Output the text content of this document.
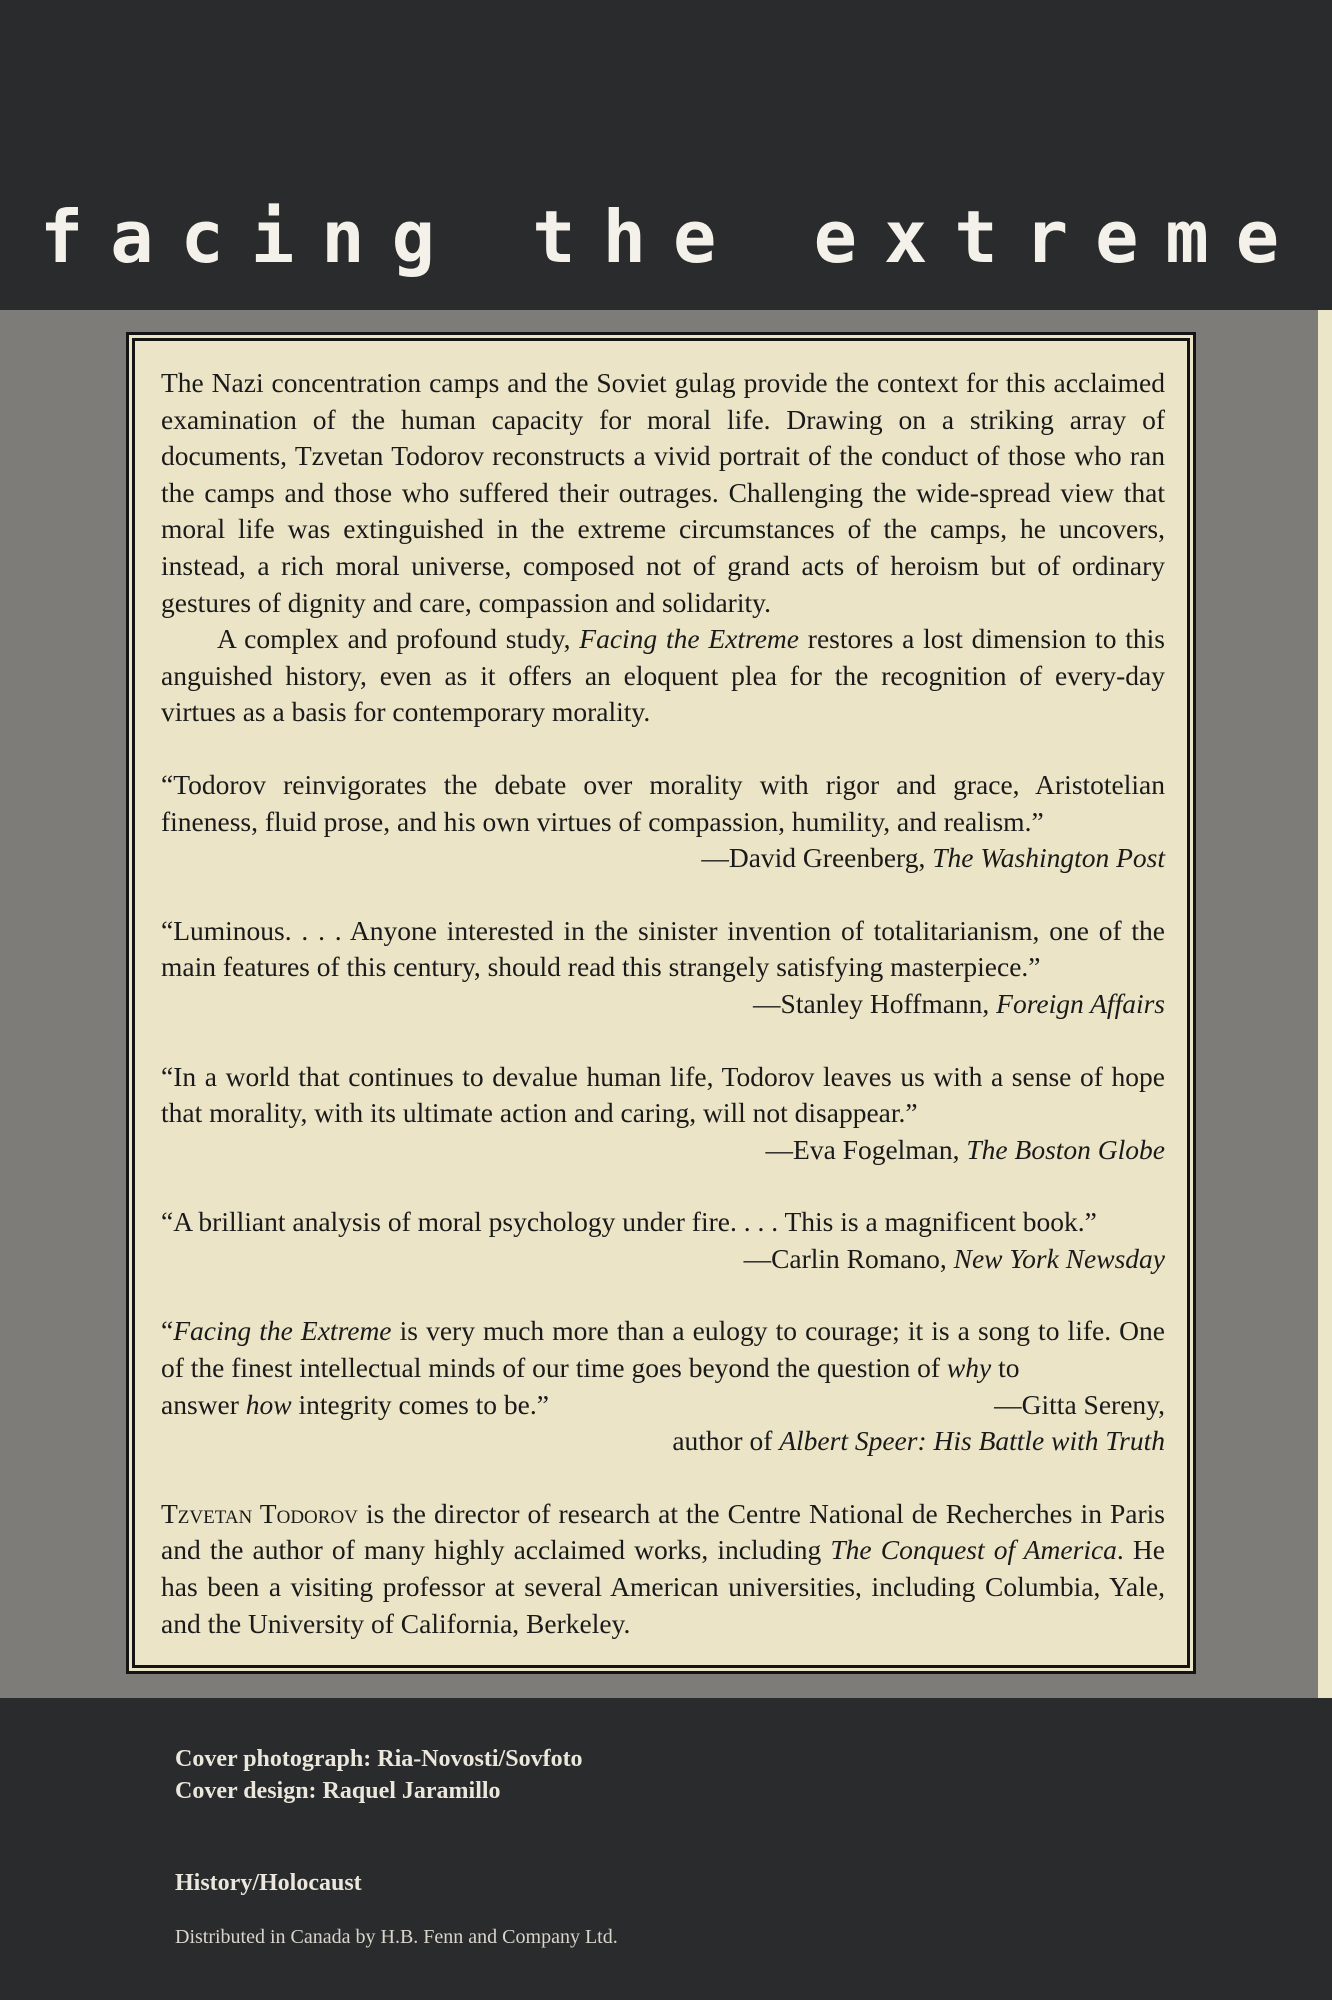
facing the extreme

The Nazi concentration camps and the Soviet gulag provide the context for this acclaimed examination of the human capacity for moral life. Drawing on a striking array of documents, Tzvetan Todorov reconstructs a vivid portrait of the conduct of those who ran the camps and those who suffered their outrages. Challenging the wide-spread view that moral life was extinguished in the extreme circumstances of the camps, he uncovers, instead, a rich moral universe, composed not of grand acts of heroism but of ordinary gestures of dignity and care, compassion and solidarity.

A complex and profound study, Facing the Extreme restores a lost dimension to this anguished history, even as it offers an eloquent plea for the recognition of every-day virtues as a basis for contemporary morality.

“Todorov reinvigorates the debate over morality with rigor and grace, Aristotelian fineness, fluid prose, and his own virtues of compassion, humility, and realism.”

—David Greenberg, The Washington Post

“Luminous. . . . Anyone interested in the sinister invention of totalitarianism, one of the main features of this century, should read this strangely satisfying masterpiece.”

—Stanley Hoffmann, Foreign Affairs

“In a world that continues to devalue human life, Todorov leaves us with a sense of hope that morality, with its ultimate action and caring, will not disappear.”

—Eva Fogelman, The Boston Globe

“A brilliant analysis of moral psychology under fire. . . . This is a magnificent book.”

—Carlin Romano, New York Newsday

“Facing the Extreme is very much more than a eulogy to courage; it is a song to life. One of the finest intellectual minds of our time goes beyond the question of why to

answer how integrity comes to be.”	—Gitta Sereny,

author of Albert Speer: His Battle with Truth

Tzvetan Todorov is the director of research at the Centre National de Recherches in Paris and the author of many highly acclaimed works, including The Conquest of America. He has been a visiting professor at several American universities, including Columbia, Yale, and the University of California, Berkeley.

Cover photograph: Ria-Novosti/Sovfoto
Cover design: Raquel Jaramillo
History/Holocaust
Distributed in Canada by H.B. Fenn and Company Ltd.
